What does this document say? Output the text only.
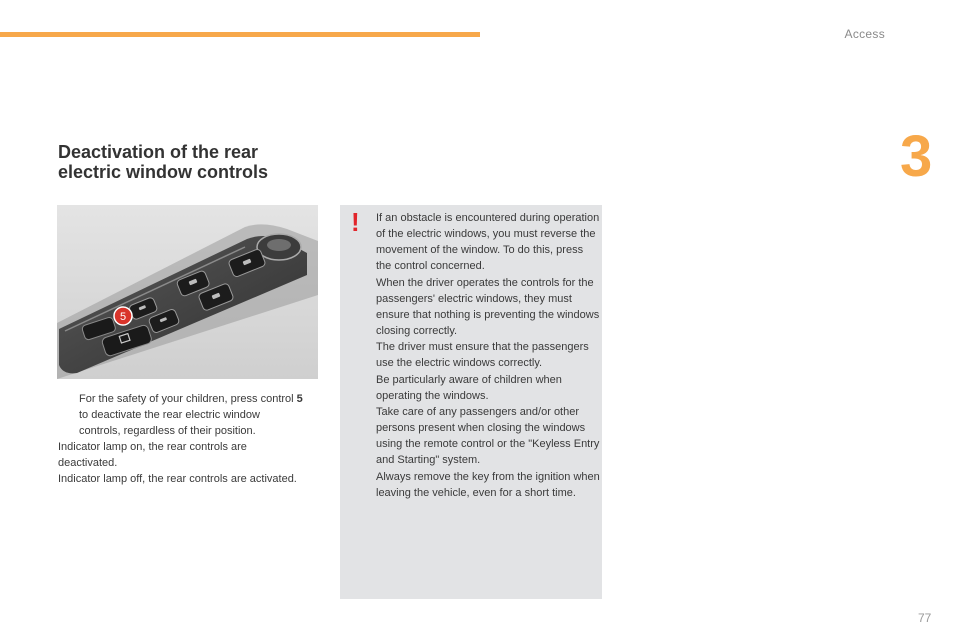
Access
3
Deactivation of the rear
electric window controls
5
For the safety of your children, press control 5 to deactivate the rear electric window controls, regardless of their position.
Indicator lamp on, the rear controls are deactivated.
Indicator lamp off, the rear controls are activated.
! If an obstacle is encountered during operation of the electric windows, you must reverse the movement of the window. To do this, press the control concerned.
When the driver operates the controls for the passengers' electric windows, they must ensure that nothing is preventing the windows closing correctly.
The driver must ensure that the passengers use the electric windows correctly.
Be particularly aware of children when operating the windows.
Take care of any passengers and/or other persons present when closing the windows using the remote control or the "Keyless Entry and Starting" system.
Always remove the key from the ignition when leaving the vehicle, even for a short time.
77
